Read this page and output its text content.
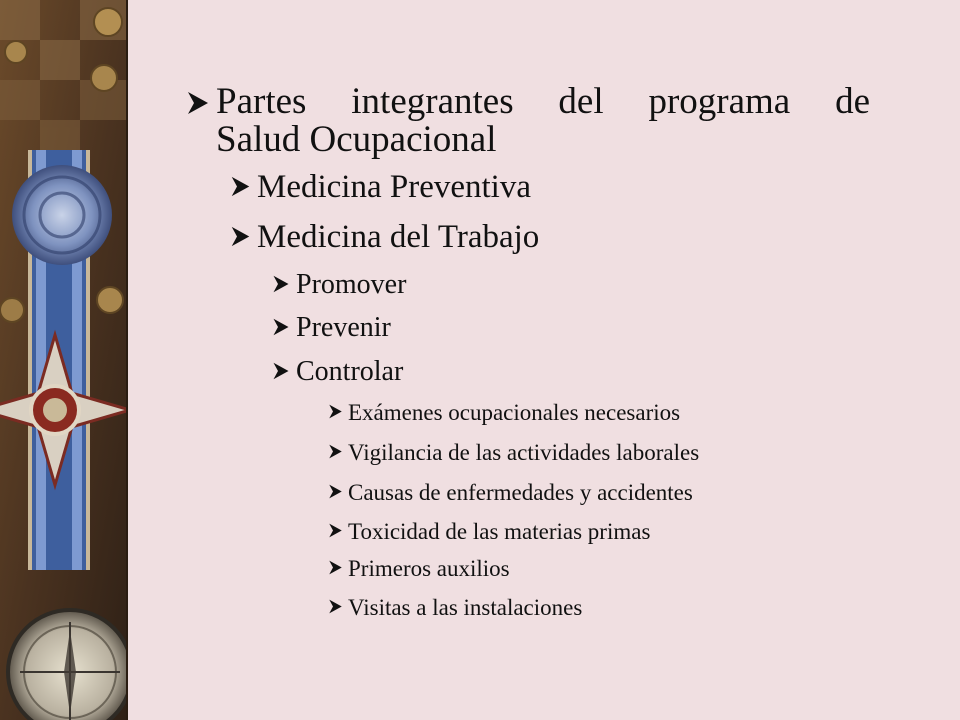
Partes integrantes del programa de
Salud Ocupacional
Medicina Preventiva
Medicina del Trabajo
Promover
Prevenir
Controlar
Exámenes ocupacionales necesarios
Vigilancia de las actividades laborales
Causas de enfermedades y accidentes
Toxicidad de las materias primas
Primeros auxilios
Visitas a las instalaciones
